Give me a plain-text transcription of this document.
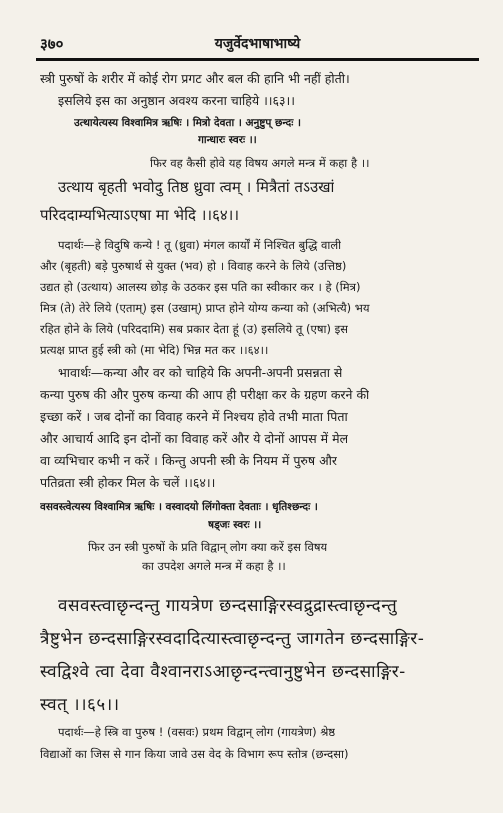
३७०	यजुर्वेदभाषाभाष्ये
स्त्री पुरुषों के शरीर में कोई रोग प्रगट और बल की हानि भी नहीं होती।
इसलिये इस का अनुष्ठान अवश्य करना चाहिये ।।६३।।
उत्थायेत्यस्य विश्वामित्र ऋषिः । मित्रो देवता । अनुष्टुप् छन्दः ।
गान्धारः स्वरः ।।
फिर वह कैसी होवे यह विषय अगले मन्त्र में कहा है ।।
उत्थाय बृहती भवोदु तिष्ठ ध्रुवा त्वम् । मित्रैतां तऽउखां
परिददाम्यभित्याऽएषा मा भेदि ।।६४।।
पदार्थः—हे विदुषि कन्ये ! तू (ध्रुवा) मंगल कार्यों में निश्चित बुद्धि वाली
और (बृहती) बड़े पुरुषार्थ से युक्त (भव) हो । विवाह करने के लिये (उत्तिष्ठ)
उद्यत हो (उत्थाय) आलस्य छोड़ के उठकर इस पति का स्वीकार कर । हे (मित्र)
मित्र (ते) तेरे लिये (एताम्) इस (उखाम्) प्राप्त होने योग्य कन्या को (अभित्यै) भय
रहित होने के लिये (परिददामि) सब प्रकार देता हूं (उ) इसलिये तू (एषा) इस
प्रत्यक्ष प्राप्त हुई स्त्री को (मा भेदि) भिन्न मत कर ।।६४।।
भावार्थः—कन्या और वर को चाहिये कि अपनी-अपनी प्रसन्नता से
कन्या पुरुष की और पुरुष कन्या की आप ही परीक्षा कर के ग्रहण करने की
इच्छा करें । जब दोनों का विवाह करने में निश्चय होवे तभी माता पिता
और आचार्य आदि इन दोनों का विवाह करें और ये दोनों आपस में मेल
वा व्यभिचार कभी न करें । किन्तु अपनी स्त्री के नियम में पुरुष और
पतिव्रता स्त्री होकर मिल के चलें ।।६४।।
वसवस्त्वेत्यस्य विश्वामित्र ऋषिः । वस्वादयो लिंगोक्ता देवताः । धृतिश्छन्दः ।
षड्जः स्वरः ।।
फिर उन स्त्री पुरुषों के प्रति विद्वान् लोग क्या करें इस विषय
का उपदेश अगले मन्त्र में कहा है ।।
वसवस्त्वाछृन्दन्तु गायत्रेण छन्दसाङ्गिरस्वद्रुद्रास्त्वाछृन्दन्तु
त्रैष्टुभेन छन्दसाङ्गिरस्वदादित्यास्त्वाछृन्दन्तु जागतेन छन्दसाङ्गिर-
स्वद्विश्वे त्वा देवा वैश्वानराऽआछृन्दन्त्वानुष्टुभेन छन्दसाङ्गिर-
स्वत् ।।६५।।
पदार्थः—हे स्त्रि वा पुरुष ! (वसवः) प्रथम विद्वान् लोग (गायत्रेण) श्रेष्ठ
विद्याओं का जिस से गान किया जावे उस वेद के विभाग रूप स्तोत्र (छन्दसा)
